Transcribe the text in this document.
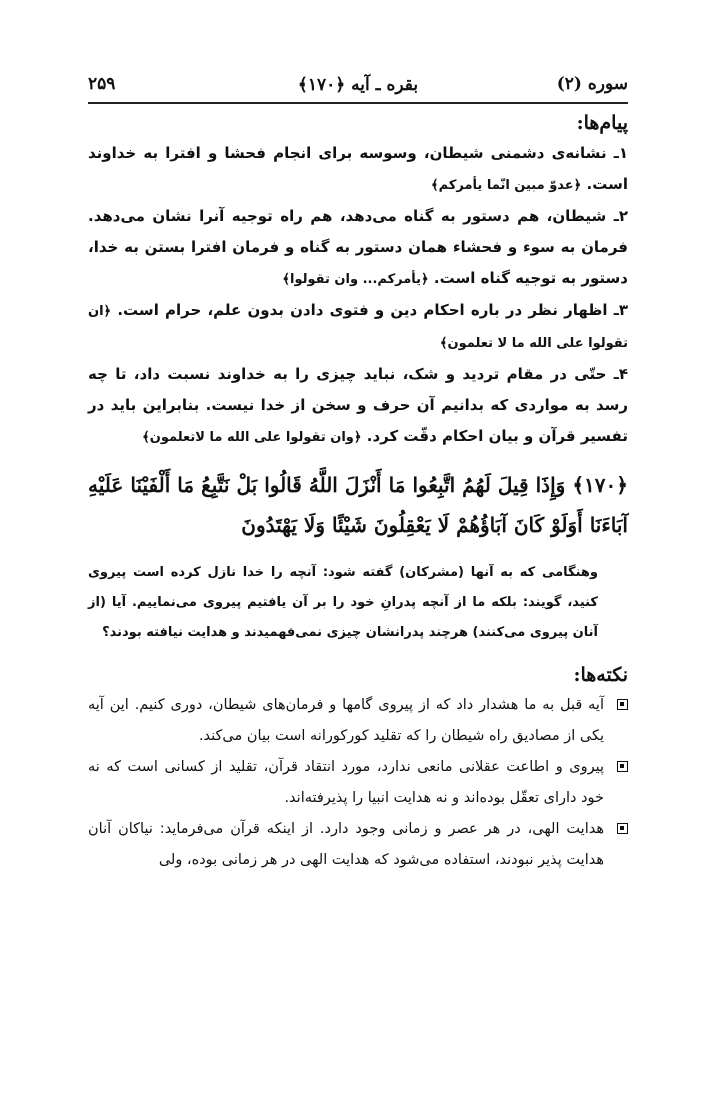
سوره (۲)
بقره ـ آيه ﴿۱۷۰﴾
۲۵۹
پيام‌ها:

۱ـ نشانه‌ى دشمنى شيطان، وسوسه براى انجام فحشا و افترا به خداوند است. ﴿عدوّ مبين انّما يأمركم﴾

۲ـ شيطان، هم دستور به گناه مى‌دهد، هم راه توجيه آنرا نشان مى‌دهد. فرمان به سوء و فحشاء همان دستور به گناه و فرمان افترا بستن به خدا، دستور به توجيه گناه است. ﴿يأمركم... وان تقولوا﴾

۳ـ اظهار نظر در باره احكام دين و فتوى دادن بدون علم، حرام است. ﴿ان تقولوا على الله ما لا تعلمون﴾

۴ـ حتّى در مقام ترديد و شک، نبايد چيزى را به خداوند نسبت داد، تا چه رسد به مواردى كه بدانيم آن حرف و سخن از خدا نيست. بنابراين بايد در تفسير قرآن و بيان احكام دقّت كرد. ﴿وان تقولوا على الله ما لاتعلمون﴾

﴿۱۷۰﴾ وَإِذَا قِيلَ لَهُمُ اتَّبِعُوا مَا أَنْزَلَ اللَّهُ قَالُوا بَلْ نَتَّبِعُ مَا أَلْفَيْنَا عَلَيْهِ آبَاءَنَا أَوَلَوْ كَانَ آبَاؤُهُمْ لَا يَعْقِلُونَ شَيْئًا وَلَا يَهْتَدُونَ

وهنگامى كه به آنها (مشركان) گفته شود: آنچه را خدا نازل كرده است پيروى كنيد، گويند: بلكه ما از آنچه پدرانِ خود را بر آن يافتيم پيروى مى‌نماييم. آيا (از آنان پيروى مى‌كنند) هرچند پدرانشان چيزى نمى‌فهميدند و هدايت نيافته بودند؟

نكته‌ها:

آيه قبل به ما هشدار داد كه از پيروى گامها و فرمان‌هاى شيطان، دورى كنيم. اين آيه يكى از مصاديق راه شيطان را كه تقليد كوركورانه است بيان مى‌كند.

پيروى و اطاعت عقلانى مانعى ندارد، مورد انتقاد قرآن، تقليد از كسانى است كه نه خود داراى تعقّل بوده‌اند و نه هدايت انبيا را پذيرفته‌اند.

هدايت الهى، در هر عصر و زمانى وجود دارد. از اينكه قرآن مى‌فرمايد: نياكان آنان هدايت پذير نبودند، استفاده مى‌شود كه هدايت الهى در هر زمانى بوده، ولى
